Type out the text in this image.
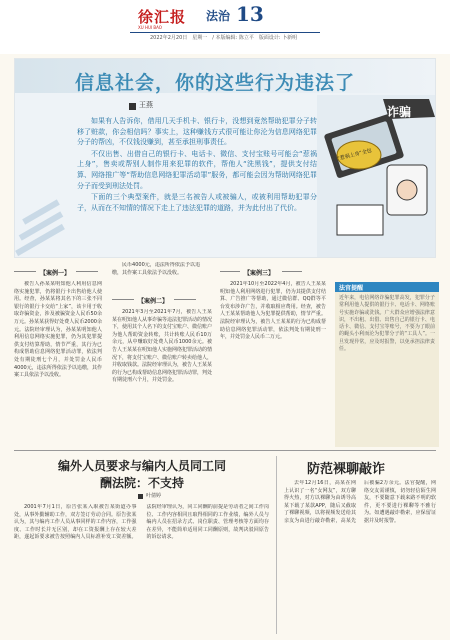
徐汇报
XU HUI BAO
法治 13
2022年2月20日　星期一　/ 本版编辑: 陈立平　版面设计: 卜新明
信息社会，你的这些行为违法了
王燕

如果有人告诉你，借用几天手机卡、银行卡，没想到竟然帮助犯罪分子转移了赃款，你会相信吗？事实上，这种赚钱方式很可能让你沦为信息网络犯罪分子的帮凶，不仅钱没赚到，甚至承担刑事责任。

不仅出售、出借自己的银行卡、电话卡、微信、支付宝账号可能会“惹祸上身”，售卖或帮别人制作用来犯罪的软件，帮他人“洗黑钱”，提供支付结算、网络推广等“帮助信息网络犯罪活动罪”服务，都可能会因为帮助网络犯罪分子而受到刑法处罚。

下面的三个典型案件，就是三名被告人或被骗人，或被利用帮助犯罪分子，从而在不知情的情况下走上了违法犯罪的道路，并为此付出了代价。

诈骗
“惹祸上身”全包
【案例一】

被告人孙某某明知他人利用信息网络实施犯罪，仍将银行卡出售给他人使用。经查，孙某某将其名下的三张不同银行的银行卡交给“上家”，该卡用于收取诈骗资金，涉及被骗资金人民币50余万元。孙某某获得好处费人民币2000余元。法院经审理认为，孙某某明知他人利用信息网络实施犯罪，仍为其犯罪提供支付结算帮助，情节严重，其行为已构成帮助信息网络犯罪活动罪，依法判处有期徒刑七个月，并处罚金人民币4000元，违法所得依法予以追缴，其作案工具依法予以没收。

民币4000元，违法所得依法予以追缴，其作案工具依法予以没收。

【案例二】

2021年3月至2021年7月，被告人王某某在明知他人从事诈骗等违法犯罪活动的情况下，使用其个人名下的支付宝账户、微信账户为他人帮助资金转账，共计转账人民币10万余元，从中赚取好处费人民币1000余元。被告人王某某在明知他人实施网络犯罪活动的情况下，将支付宝账户、微信账户转卖给他人，并收取钱款。法院经审理认为，被告人王某某的行为已构成帮助信息网络犯罪活动罪，判处有期徒刑六个月，并处罚金。

【案例三】

2021年10月至2022年4月，被告人王某某明知他人利用网络进行犯罪，仍为其提供支付结算、广告推广等帮助，通过微信群、QQ群等平台发布涉诈广告，并收取相应费用。经查，被告人王某某帮助他人为犯罪提供帮助，情节严重。法院经审理认为，被告人王某某的行为已构成帮助信息网络犯罪活动罪，依法判处有期徒刑一年，并处罚金人民币二万元。

法官提醒
近年来，电信网络诈骗犯罪高发，犯罪分子常利用他人提供的银行卡、电话卡、网络账号实施诈骗或洗钱。广大群众应增强法律意识，不出租、出借、出售自己的银行卡、电话卡、微信、支付宝等账号，不要为了眼前的蝇头小利而沦为犯罪分子的“工具人”。一旦发现异常，应及时报警，以免承担法律责任。
编外人员要求与编内人员同工同酬法院：不支持
叶倩婷

2001年7月1日，原告张某入职被告某街道办事处，从事外勤辅助工作，双方签订劳动合同。原告张某认为，其与编内工作人员从事同样的工作内容，工作强度、工作时长并无区别，却在工资报酬上存在较大差距，遂起诉要求被告按照编内人员标准补发工资差额。法院经审理认为，同工同酬的前提是劳动者之间工作岗位、工作内容相同且取得相同的工作业绩，编外人员与编内人员在招录方式、岗位职责、管理考核等方面均存在差异，不能简单适用同工同酬原则，故判决驳回原告的诉讼请求。

防范裸聊敲诈

去年12月16日，高某在网上认识了一名“女网友”，双方聊得火热，对方以裸聊为由诱导高某下载了某款APP，随后又截取了裸聊视频，以将视频发送给其亲友为由进行敲诈勒索，高某先后被骗2万余元。法官提醒，网络交友需谨慎，切勿轻信陌生网友，不要随意下载来路不明的软件，更不要进行裸聊等不雅行为。如遭遇敲诈勒索，应保留证据并及时报警。
